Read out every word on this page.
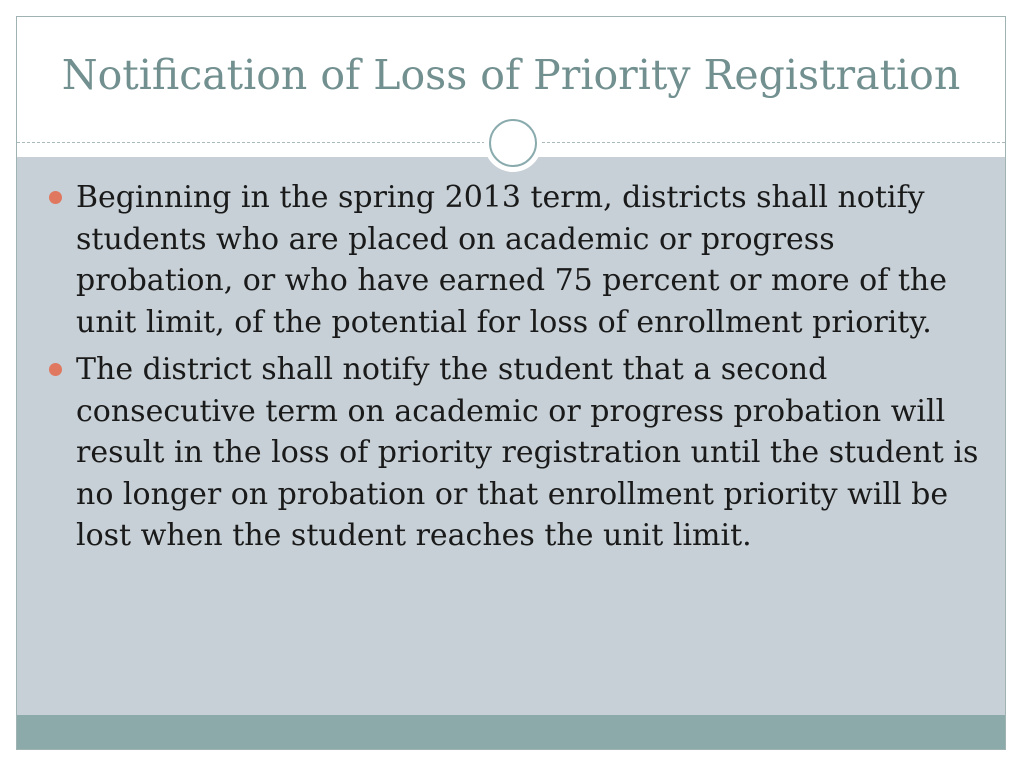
Notification of Loss of Priority Registration
Beginning in the spring 2013 term, districts shall notify students who are placed on academic or progress probation, or who have earned 75 percent or more of the unit limit, of the potential for loss of enrollment priority.
The district shall notify the student that a second consecutive term on academic or progress probation will result in the loss of priority registration until the student is no longer on probation or that enrollment priority will be lost when the student reaches the unit limit.
